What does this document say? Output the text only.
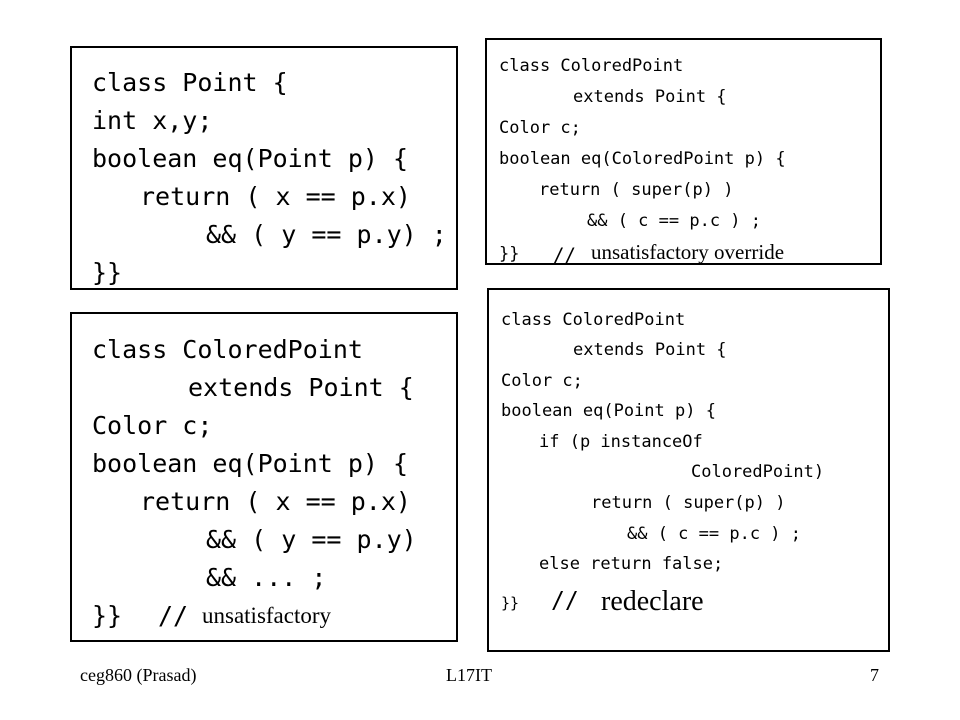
class Point {
int x,y;
boolean eq(Point p) {
return ( x == p.x)
&& ( y == p.y) ;
}}
class ColoredPoint
extends Point {
Color c;
boolean eq(ColoredPoint p) {
return ( super(p) )
&& ( c == p.c ) ;
}} // unsatisfactory override
class ColoredPoint
extends Point {
Color c;
boolean eq(Point p) {
return ( x == p.x)
&& ( y == p.y)
&& ... ;
}} // unsatisfactory
class ColoredPoint
extends Point {
Color c;
boolean eq(Point p) {
if (p instanceOf
ColoredPoint)
return ( super(p) )
&& ( c == p.c ) ;
else return false;
}} // redeclare
ceg860 (Prasad)	L17IT	7
